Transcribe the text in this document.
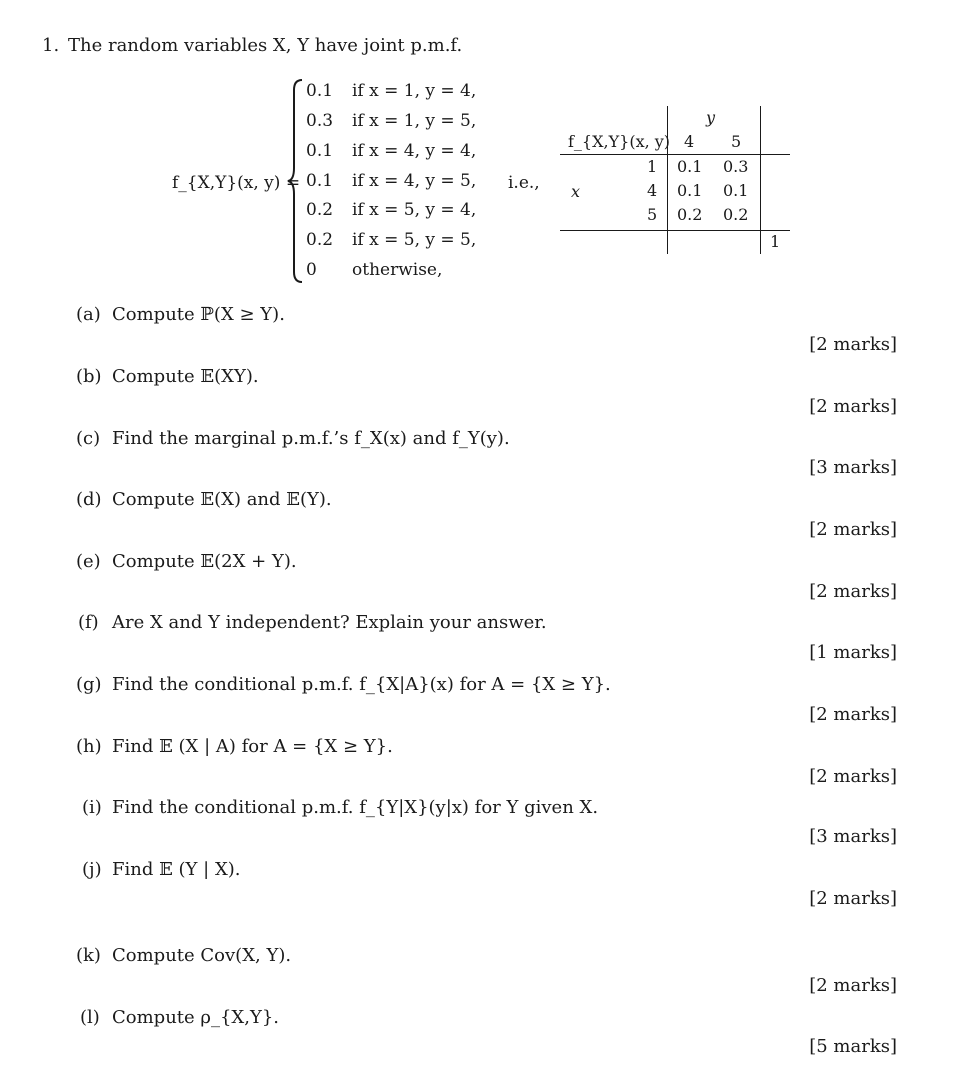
1. The random variables X, Y have joint p.m.f.
f_{X,Y}(x, y) =
0.1 if x = 1, y = 4,
0.3 if x = 1, y = 5,
0.1 if x = 4, y = 4,
0.1 if x = 4, y = 5,
0.2 if x = 5, y = 4,
0.2 if x = 5, y = 5,
0 otherwise,
i.e.,
y
f_{X,Y}(x, y) 4 5
x
1 0.1 0.3
4 0.1 0.1
5 0.2 0.2
1
(a) Compute ℙ(X ≥ Y).
[2 marks]
(b) Compute 𝔼(XY).
[2 marks]
(c) Find the marginal p.m.f.’s f_X(x) and f_Y(y).
[3 marks]
(d) Compute 𝔼(X) and 𝔼(Y).
[2 marks]
(e) Compute 𝔼(2X + Y).
[2 marks]
(f) Are X and Y independent? Explain your answer.
[1 marks]
(g) Find the conditional p.m.f. f_{X|A}(x) for A = {X ≥ Y}.
[2 marks]
(h) Find 𝔼 (X | A) for A = {X ≥ Y}.
[2 marks]
(i) Find the conditional p.m.f. f_{Y|X}(y|x) for Y given X.
[3 marks]
(j) Find 𝔼 (Y | X).
[2 marks]
(k) Compute Cov(X, Y).
[2 marks]
(l) Compute ρ_{X,Y}.
[5 marks]
